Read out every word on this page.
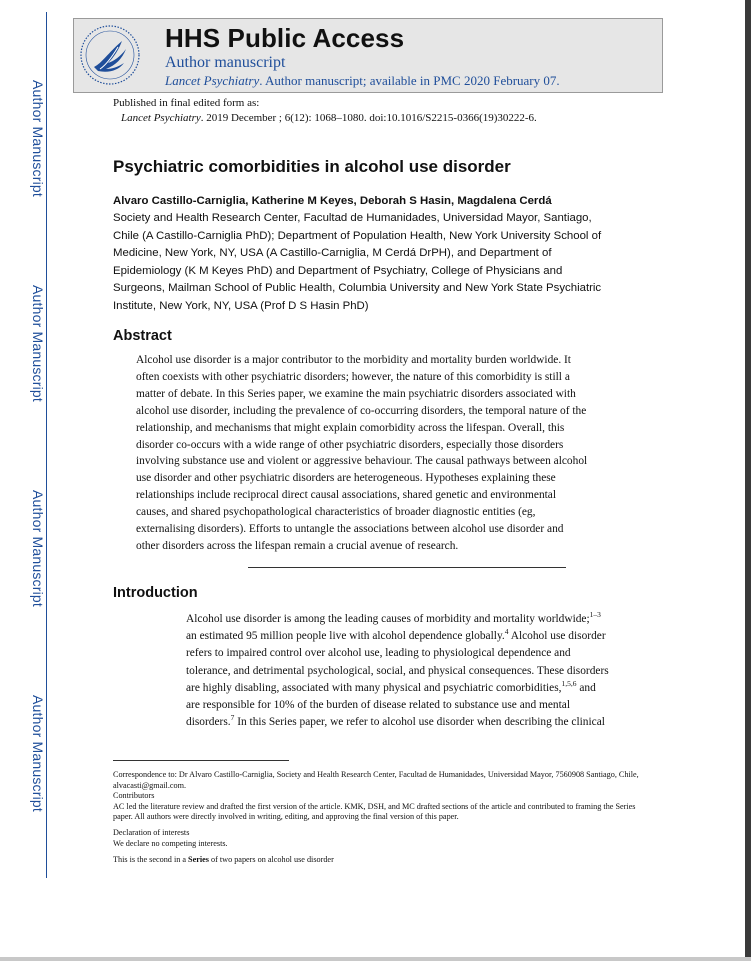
Author Manuscript
Author Manuscript
Author Manuscript
Author Manuscript
HHS Public Access
Author manuscript
Lancet Psychiatry. Author manuscript; available in PMC 2020 February 07.
Published in final edited form as:
Lancet Psychiatry. 2019 December ; 6(12): 1068–1080. doi:10.1016/S2215-0366(19)30222-6.
Psychiatric comorbidities in alcohol use disorder
Alvaro Castillo-Carniglia, Katherine M Keyes, Deborah S Hasin, Magdalena Cerdá
Society and Health Research Center, Facultad de Humanidades, Universidad Mayor, Santiago,
Chile (A Castillo-Carniglia PhD); Department of Population Health, New York University School of
Medicine, New York, NY, USA (A Castillo-Carniglia, M Cerdá DrPH), and Department of
Epidemiology (K M Keyes PhD) and Department of Psychiatry, College of Physicians and
Surgeons, Mailman School of Public Health, Columbia University and New York State Psychiatric
Institute, New York, NY, USA (Prof D S Hasin PhD)
Abstract
Alcohol use disorder is a major contributor to the morbidity and mortality burden worldwide. It
often coexists with other psychiatric disorders; however, the nature of this comorbidity is still a
matter of debate. In this Series paper, we examine the main psychiatric disorders associated with
alcohol use disorder, including the prevalence of co-occurring disorders, the temporal nature of the
relationship, and mechanisms that might explain comorbidity across the lifespan. Overall, this
disorder co-occurs with a wide range of other psychiatric disorders, especially those disorders
involving substance use and violent or aggressive behaviour. The causal pathways between alcohol
use disorder and other psychiatric disorders are heterogeneous. Hypotheses explaining these
relationships include reciprocal direct causal associations, shared genetic and environmental
causes, and shared psychopathological characteristics of broader diagnostic entities (eg,
externalising disorders). Efforts to untangle the associations between alcohol use disorder and
other disorders across the lifespan remain a crucial avenue of research.
Introduction
Alcohol use disorder is among the leading causes of morbidity and mortality worldwide;$^{1-3}$
an estimated 95 million people live with alcohol dependence globally.$^4$ Alcohol use disorder
refers to impaired control over alcohol use, leading to physiological dependence and
tolerance, and detrimental psychological, social, and physical consequences. These disorders
are highly disabling, associated with many physical and psychiatric comorbidities,$^{1,5,6}$ and
are responsible for 10% of the burden of disease related to substance use and mental
disorders.$^7$ In this Series paper, we refer to alcohol use disorder when describing the clinical

Correspondence to: Dr Alvaro Castillo-Carniglia, Society and Health Research Center, Facultad de Humanidades, Universidad Mayor, 7560908 Santiago, Chile, alvacasti@gmail.com.

Contributors

AC led the literature review and drafted the first version of the article. KMK, DSH, and MC drafted sections of the article and contributed to framing the Series paper. All authors were directly involved in writing, editing, and approving the final version of this paper.

Declaration of interests

We declare no competing interests.

This is the second in a Series of two papers on alcohol use disorder
